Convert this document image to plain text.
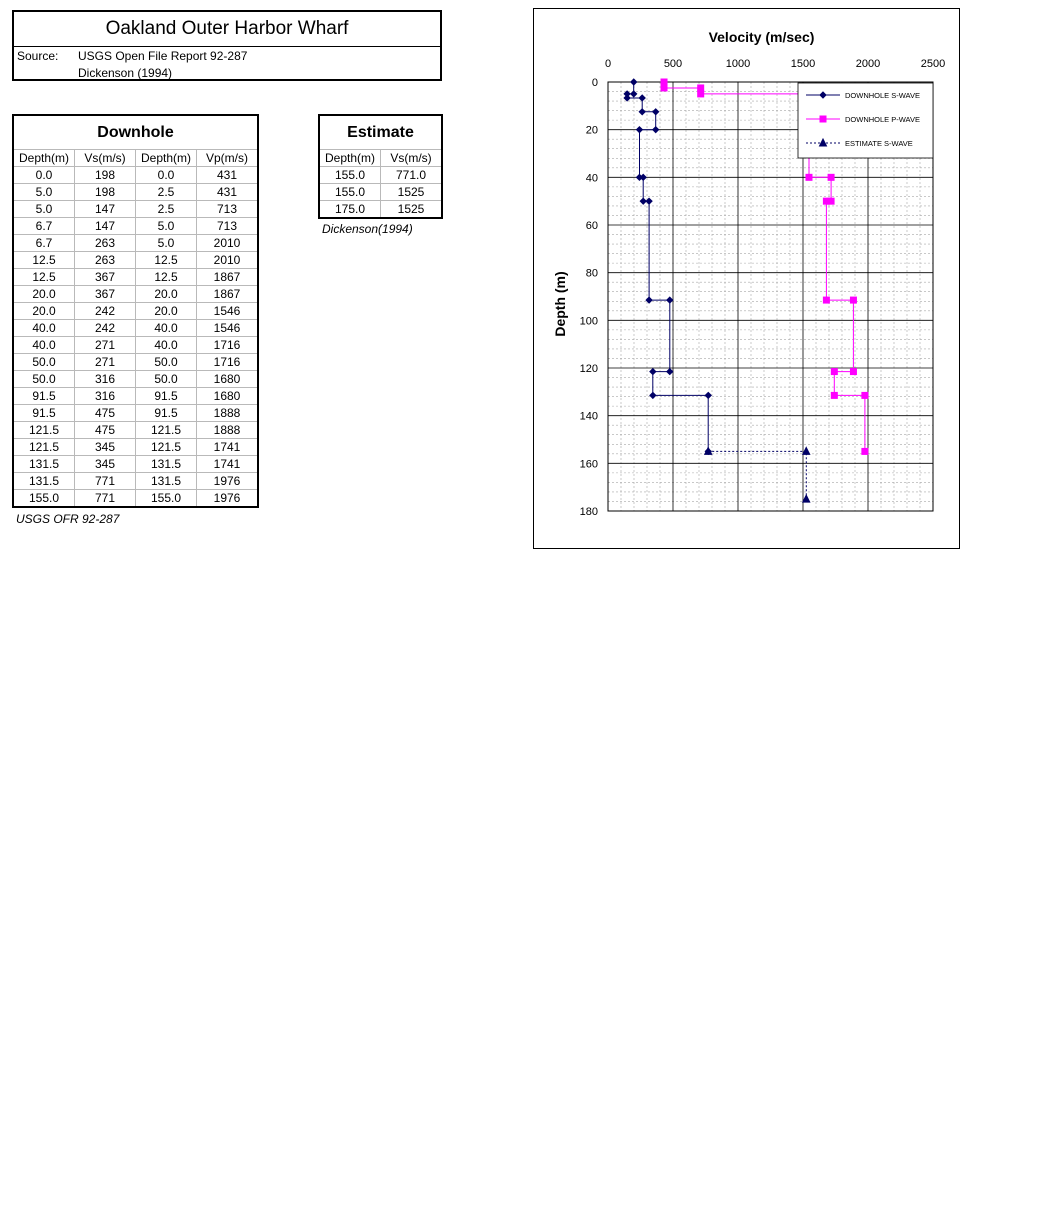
Oakland Outer Harbor Wharf
Source: USGS Open File Report 92-287
Dickenson (1994)
Downhole			
Depth(m)	Vs(m/s)	Depth(m)	Vp(m/s)
0.0	198	0.0	431
5.0	198	2.5	431
5.0	147	2.5	713
6.7	147	5.0	713
6.7	263	5.0	2010
12.5	263	12.5	2010
12.5	367	12.5	1867
20.0	367	20.0	1867
20.0	242	20.0	1546
40.0	242	40.0	1546
40.0	271	40.0	1716
50.0	271	50.0	1716
50.0	316	50.0	1680
91.5	316	91.5	1680
91.5	475	91.5	1888
121.5	475	121.5	1888
121.5	345	121.5	1741
131.5	345	131.5	1741
131.5	771	131.5	1976
155.0	771	155.0	1976
USGS OFR 92-287
Estimate	
Depth(m)	Vs(m/s)
155.0	771.0
155.0	1525
175.0	1525
Dickenson(1994)
0	500	1000	1500	2000	2500
0
20
40
60
80
100
120
140
160
180
Velocity (m/sec)
Depth (m)
DOWNHOLE S-WAVE
DOWNHOLE P-WAVE
ESTIMATE S-WAVE
